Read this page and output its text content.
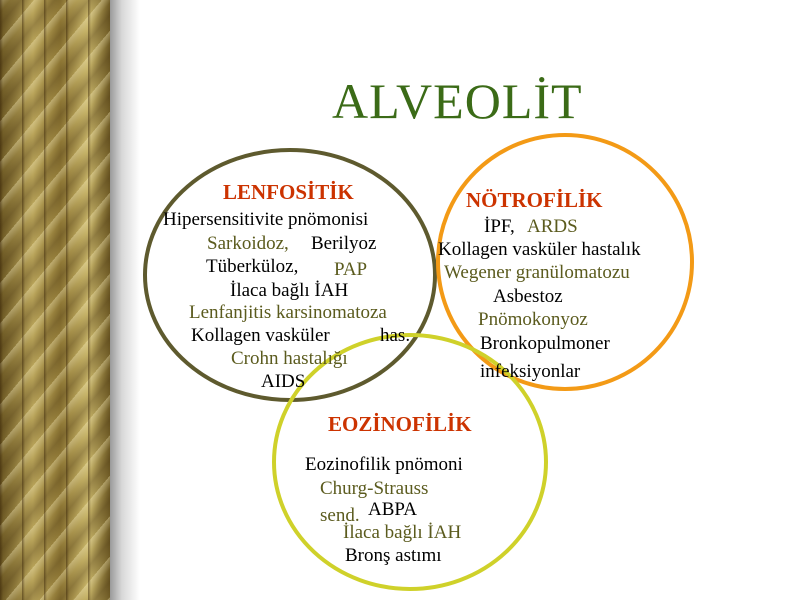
ALVEOLİT
LENFOSİTİK
Hipersensitivite pnömonisi
Sarkoidoz, Berilyoz
Tüberküloz, PAP
İlaca bağlı İAH
Lenfanjitis karsinomatoza
Kollagen vasküler	has.
Crohn hastalığı
AIDS
NÖTROFİLİK
İPF, ARDS
Kollagen vasküler hastalık
Wegener granülomatozu
Asbestoz
Pnömokonyoz
Bronkopulmoner
infeksiyonlar
EOZİNOFİLİK
Eozinofilik pnömoni
Churg-Strauss
send. ABPA
İlaca bağlı İAH
Bronş astımı
